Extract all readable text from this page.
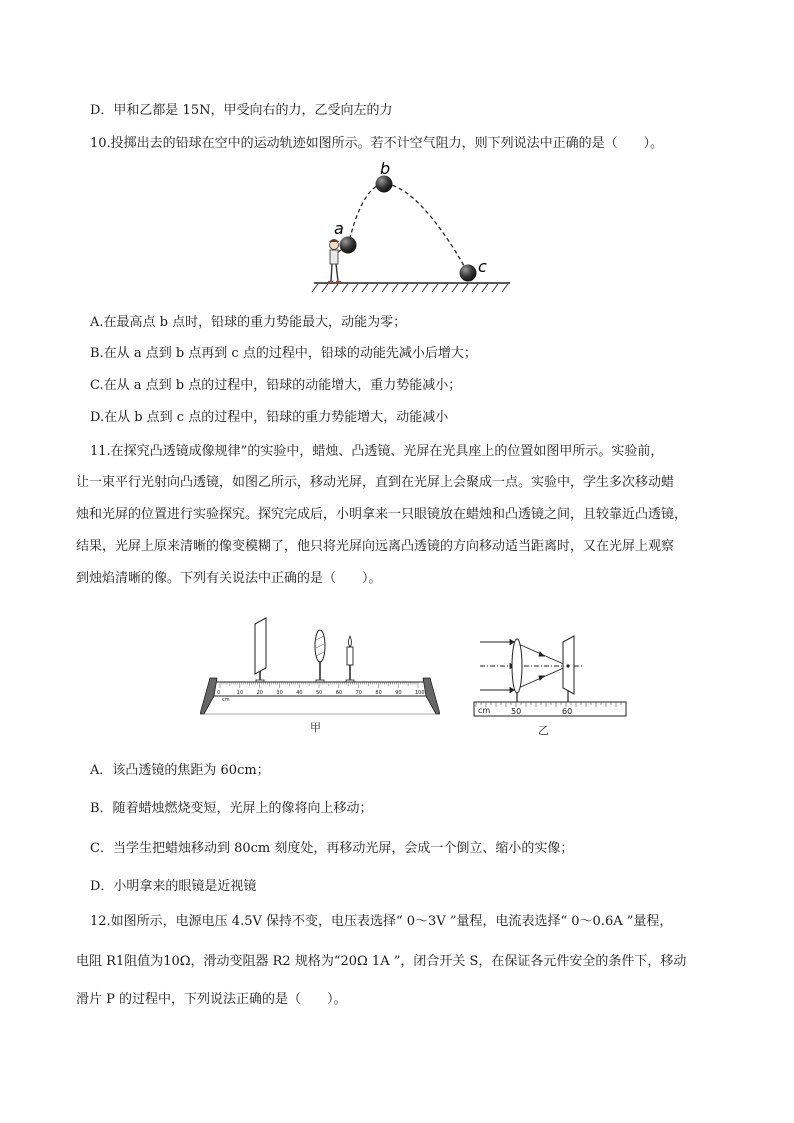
D．甲和乙都是 15N，甲受向右的力，乙受向左的力
10.投掷出去的铅球在空中的运动轨迹如图所示。若不计空气阻力，则下列说法中正确的是（　　）。
a
b
c
A.在最高点 b 点时，铅球的重力势能最大，动能为零；
B.在从 a 点到 b 点再到 c 点的过程中，铅球的动能先减小后增大；
C.在从 a 点到 b 点的过程中，铅球的动能增大，重力势能减小；
D.在从 b 点到 c 点的过程中，铅球的重力势能增大，动能减小
11.在探究凸透镜成像规律”的实验中，蜡烛、凸透镜、光屏在光具座上的位置如图甲所示。实验前，
让一束平行光射向凸透镜，如图乙所示，移动光屏，直到在光屏上会聚成一点。实验中，学生多次移动蜡
烛和光屏的位置进行实验探究。探究完成后，小明拿来一只眼镜放在蜡烛和凸透镜之间，且较靠近凸透镜，
结果，光屏上原来清晰的像变模糊了，他只将光屏向远离凸透镜的方向移动适当距离时，又在光屏上观察
到烛焰清晰的像。下列有关说法中正确的是（　　）。
0	10	20	30	40	50	60	70	80	90	100
cm
甲
cm	50	60
乙
A．该凸透镜的焦距为 60cm；
B．随着蜡烛燃烧变短，光屏上的像将向上移动；
C．当学生把蜡烛移动到 80cm 刻度处，再移动光屏，会成一个倒立、缩小的实像；
D．小明拿来的眼镜是近视镜
12.如图所示，电源电压 4.5V 保持不变，电压表选择“ 0～3V ”量程，电流表选择“ 0～0.6A ”量程，
电阻 R1阻值为10Ω，滑动变阻器 R2 规格为“20Ω 1A ”，闭合开关 S，在保证各元件安全的条件下，移动
滑片 P 的过程中，下列说法正确的是（　　）。
